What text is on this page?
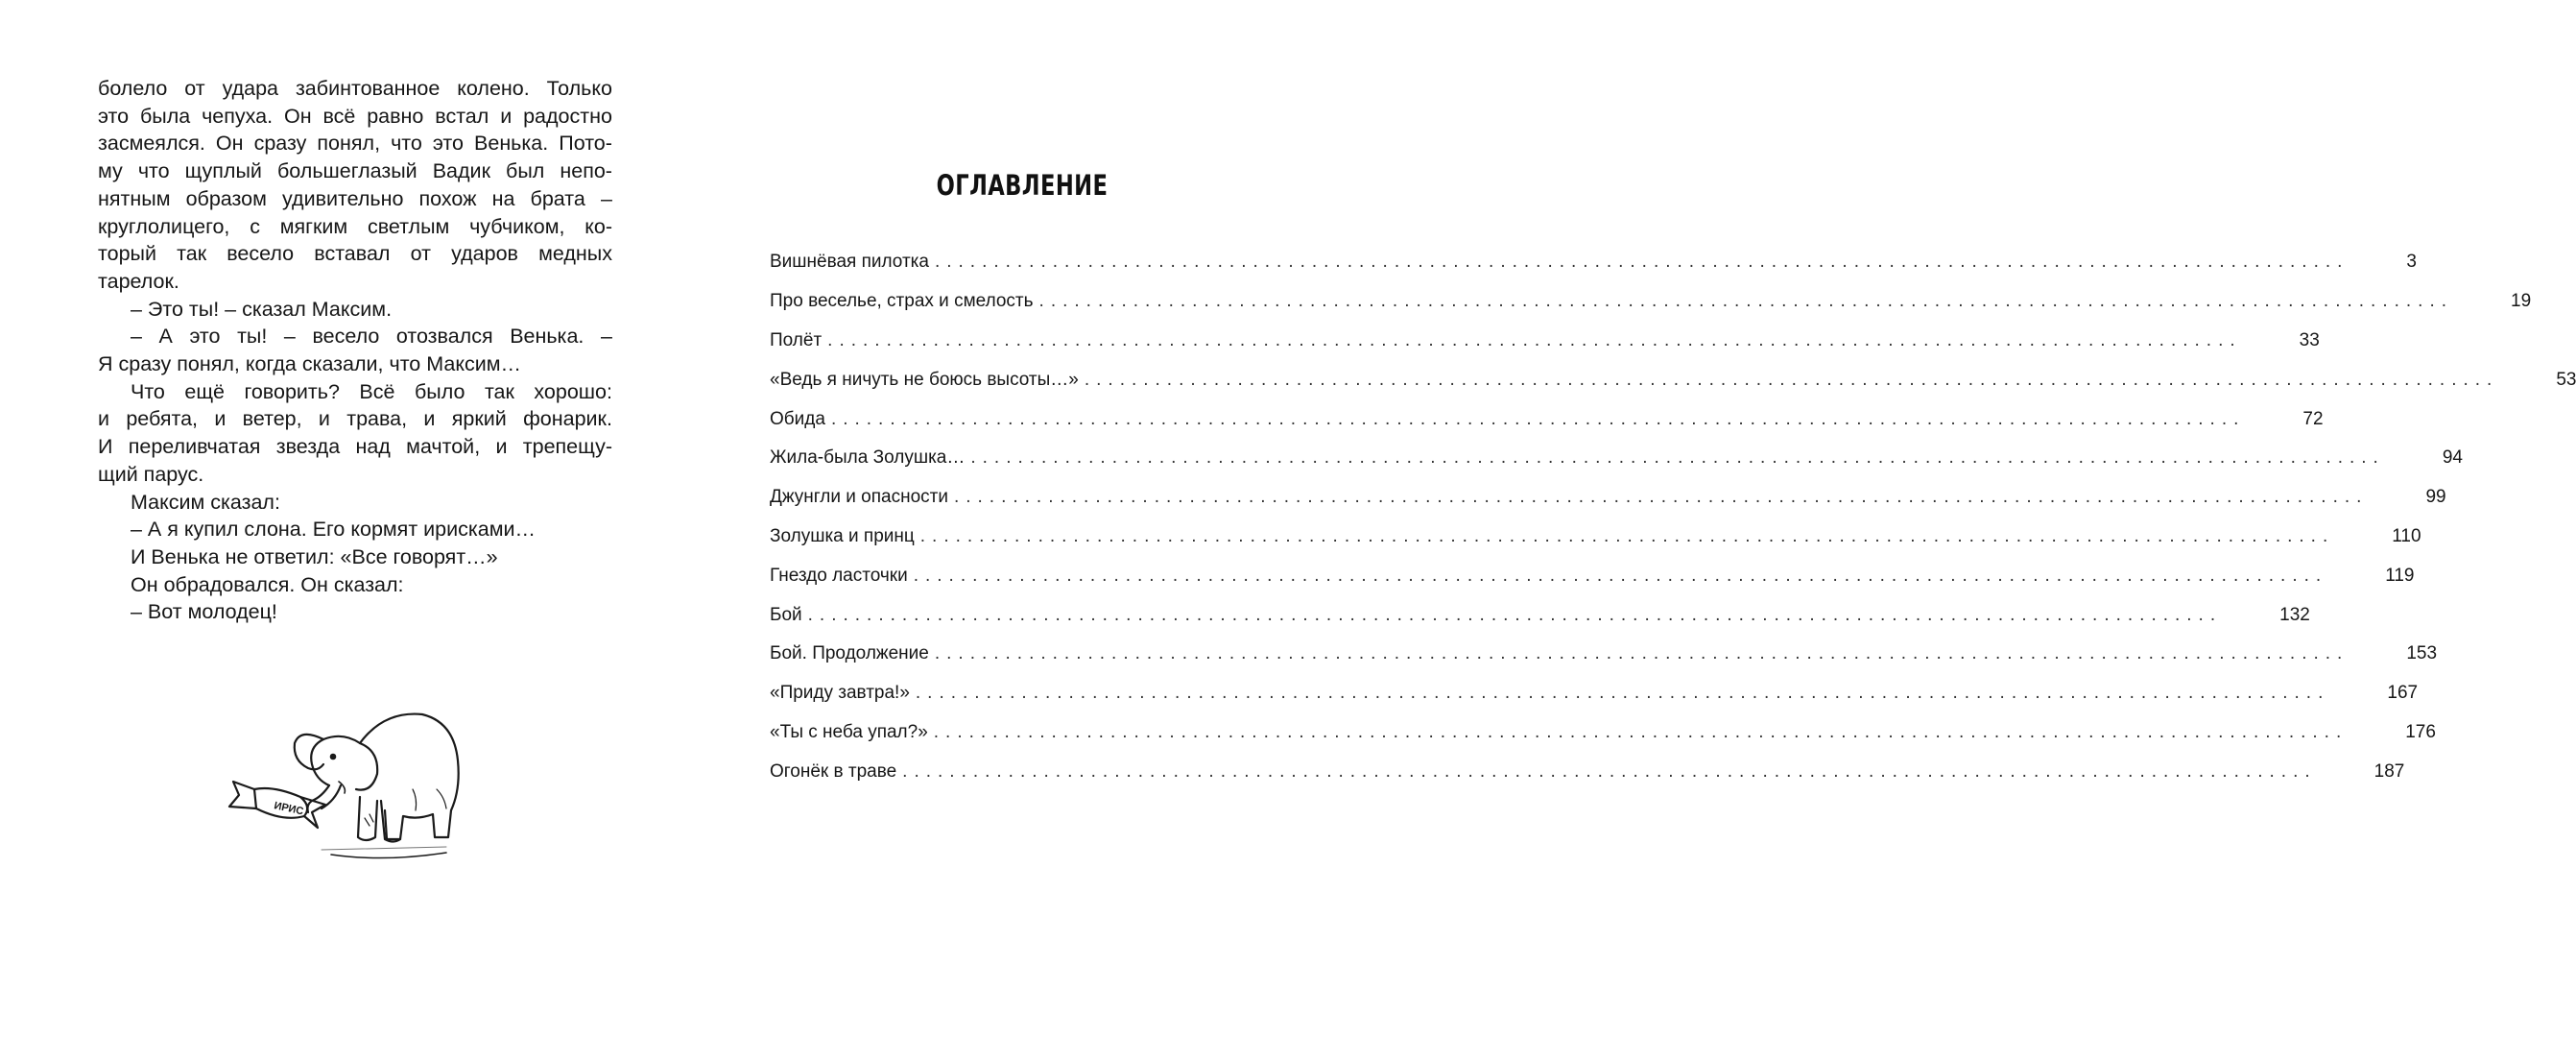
болело от удара забинтованное колено. Только

это была чепуха. Он всё равно встал и радостно

засмеялся. Он сразу понял, что это Венька. Пото-

му что щуплый большеглазый Вадик был непо-

нятным образом удивительно похож на брата –

круглолицего, с мягким светлым чубчиком, ко-

торый так весело вставал от ударов медных

тарелок.

– Это ты! – сказал Максим.

– А это ты! – весело отозвался Венька. –

Я сразу понял, когда сказали, что Максим…

Что ещё говорить? Всё было так хорошо:

и ребята, и ветер, и трава, и яркий фонарик.

И переливчатая звезда над мачтой, и трепещу-

щий парус.

Максим сказал:

– А я купил слона. Его кормят ирисками…

И Венька не ответил: «Все говорят…»

Он обрадовался. Он сказал:

– Вот молодец!

ИРИС
ОГЛАВЛЕНИЕ
Вишнёвая пилотка ........................................................................................................................	3
Про веселье, страх и смелость ........................................................................................................................	19
Полёт ........................................................................................................................	33
«Ведь я ничуть не боюсь высоты…» ........................................................................................................................	53
Обида ........................................................................................................................	72
Жила-была Золушка… ........................................................................................................................	94
Джунгли и опасности ........................................................................................................................	99
Золушка и принц ........................................................................................................................	110
Гнездо ласточки ........................................................................................................................	119
Бой ........................................................................................................................	132
Бой. Продолжение ........................................................................................................................	153
«Приду завтра!» ........................................................................................................................	167
«Ты с неба упал?» ........................................................................................................................	176
Огонёк в траве ........................................................................................................................	187
